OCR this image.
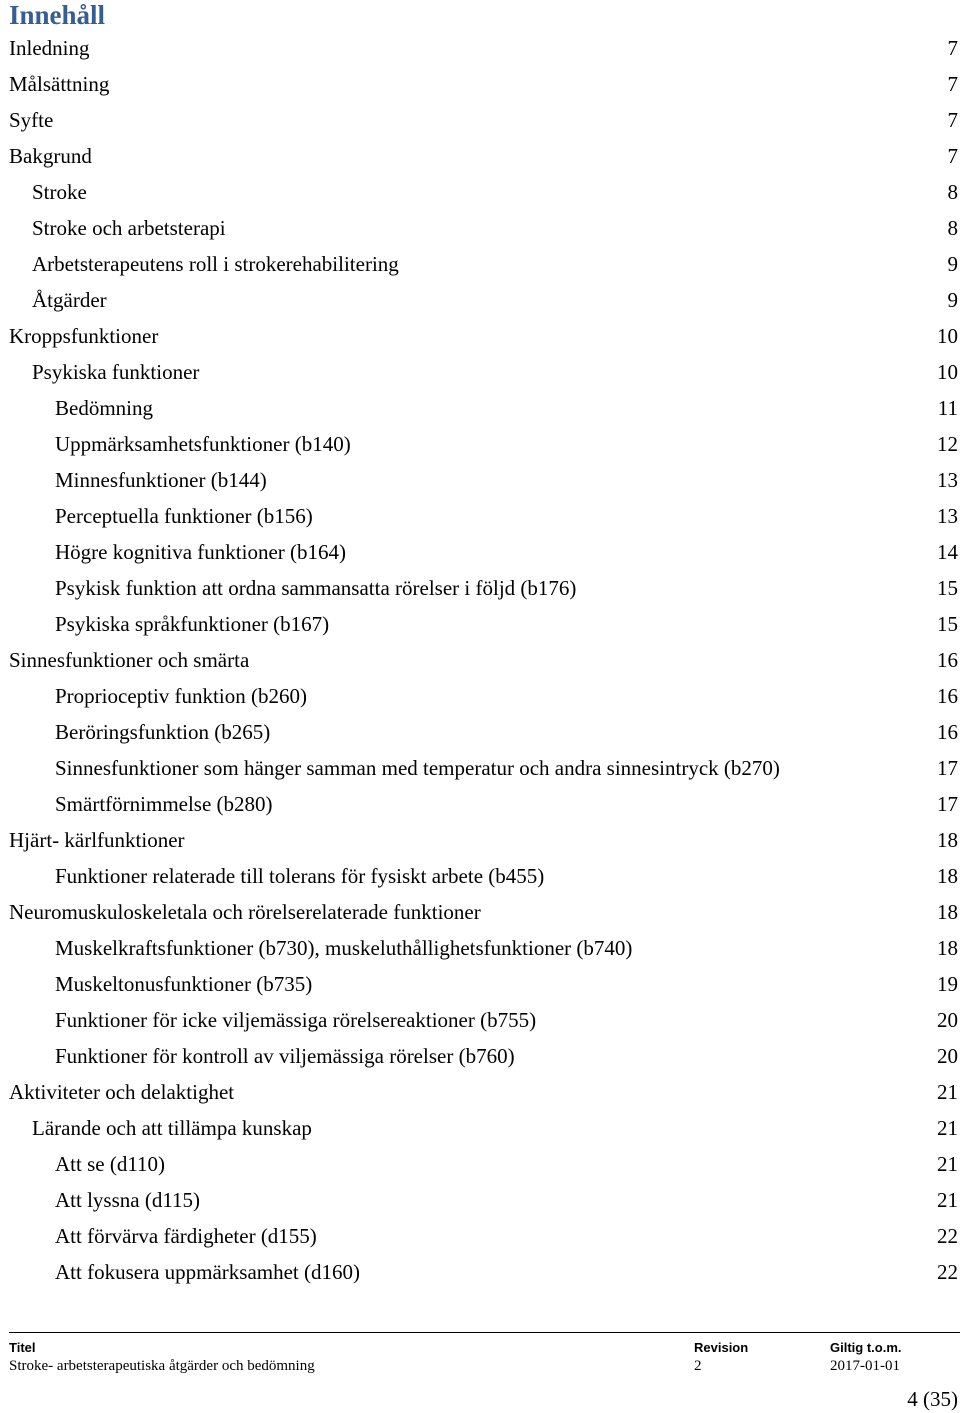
Innehåll
Inledning	7
Målsättning	7
Syfte	7
Bakgrund	7
Stroke	8
Stroke och arbetsterapi	8
Arbetsterapeutens roll i strokerehabilitering	9
Åtgärder	9
Kroppsfunktioner	10
Psykiska funktioner	10
Bedömning	11
Uppmärksamhetsfunktioner (b140)	12
Minnesfunktioner (b144)	13
Perceptuella funktioner (b156)	13
Högre kognitiva funktioner (b164)	14
Psykisk funktion att ordna sammansatta rörelser i följd (b176)	15
Psykiska språkfunktioner (b167)	15
Sinnesfunktioner och smärta	16
Proprioceptiv funktion (b260)	16
Beröringsfunktion (b265)	16
Sinnesfunktioner som hänger samman med temperatur och andra sinnesintryck (b270)	17
Smärtförnimmelse (b280)	17
Hjärt- kärlfunktioner	18
Funktioner relaterade till tolerans för fysiskt arbete (b455)	18
Neuromuskuloskeletala och rörelserelaterade funktioner	18
Muskelkraftsfunktioner (b730), muskeluthållighetsfunktioner (b740)	18
Muskeltonusfunktioner (b735)	19
Funktioner för icke viljemässiga rörelsereaktioner (b755)	20
Funktioner för kontroll av viljemässiga rörelser (b760)	20
Aktiviteter och delaktighet	21
Lärande och att tillämpa kunskap	21
Att se (d110)	21
Att lyssna (d115)	21
Att förvärva färdigheter (d155)	22
Att fokusera uppmärksamhet (d160)	22
Titel
Stroke- arbetsterapeutiska åtgärder och bedömning
Revision
2
Giltig t.o.m.
2017-01-01
4 (35)
